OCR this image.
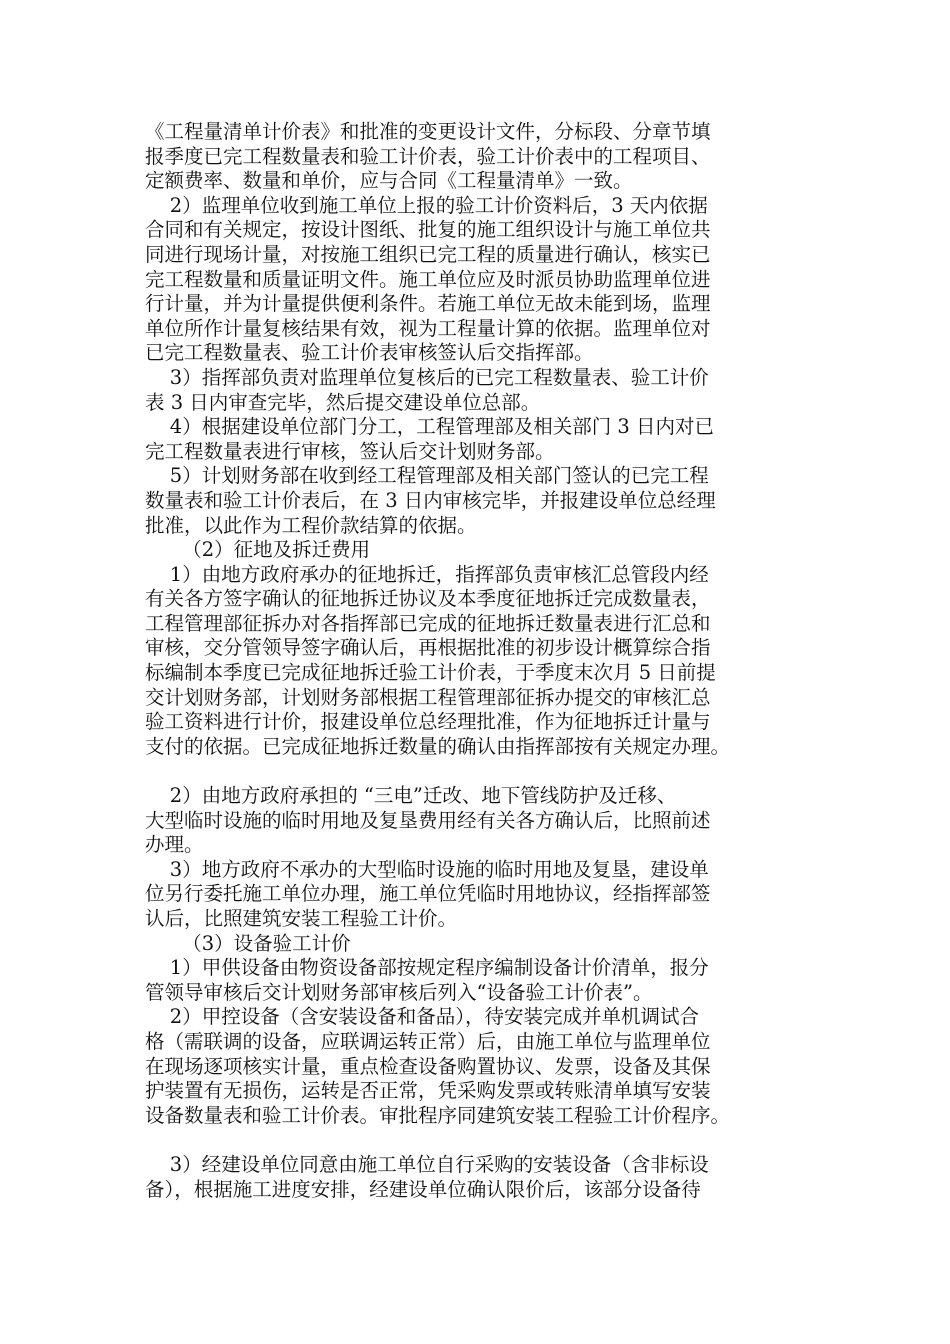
《工程量清单计价表》和批准的变更设计文件，分标段、分章节填
报季度已完工程数量表和验工计价表，验工计价表中的工程项目、
定额费率、数量和单价，应与合同《工程量清单》一致。
2）监理单位收到施工单位上报的验工计价资料后，3 天内依据
合同和有关规定，按设计图纸、批复的施工组织设计与施工单位共
同进行现场计量，对按施工组织已完工程的质量进行确认，核实已
完工程数量和质量证明文件。施工单位应及时派员协助监理单位进
行计量，并为计量提供便利条件。若施工单位无故未能到场，监理
单位所作计量复核结果有效，视为工程量计算的依据。监理单位对
已完工程数量表、验工计价表审核签认后交指挥部。
3）指挥部负责对监理单位复核后的已完工程数量表、验工计价
表 3 日内审查完毕，然后提交建设单位总部。
4）根据建设单位部门分工，工程管理部及相关部门 3 日内对已
完工程数量表进行审核，签认后交计划财务部。
5）计划财务部在收到经工程管理部及相关部门签认的已完工程
数量表和验工计价表后，在 3 日内审核完毕，并报建设单位总经理
批准，以此作为工程价款结算的依据。
（2）征地及拆迁费用
1）由地方政府承办的征地拆迁，指挥部负责审核汇总管段内经
有关各方签字确认的征地拆迁协议及本季度征地拆迁完成数量表，
工程管理部征拆办对各指挥部已完成的征地拆迁数量表进行汇总和
审核，交分管领导签字确认后，再根据批准的初步设计概算综合指
标编制本季度已完成征地拆迁验工计价表，于季度末次月 5 日前提
交计划财务部，计划财务部根据工程管理部征拆办提交的审核汇总
验工资料进行计价，报建设单位总经理批准，作为征地拆迁计量与
支付的依据。已完成征地拆迁数量的确认由指挥部按有关规定办理。
2）由地方政府承担的 “三电”迁改、地下管线防护及迁移、
大型临时设施的临时用地及复垦费用经有关各方确认后，比照前述
办理。
3）地方政府不承办的大型临时设施的临时用地及复垦，建设单
位另行委托施工单位办理，施工单位凭临时用地协议，经指挥部签
认后，比照建筑安装工程验工计价。
（3）设备验工计价
1）甲供设备由物资设备部按规定程序编制设备计价清单，报分
管领导审核后交计划财务部审核后列入“设备验工计价表”。
2）甲控设备（含安装设备和备品），待安装完成并单机调试合
格（需联调的设备，应联调运转正常）后，由施工单位与监理单位
在现场逐项核实计量，重点检查设备购置协议、发票，设备及其保
护装置有无损伤，运转是否正常，凭采购发票或转账清单填写安装
设备数量表和验工计价表。审批程序同建筑安装工程验工计价程序。
3）经建设单位同意由施工单位自行采购的安装设备（含非标设
备），根据施工进度安排，经建设单位确认限价后，该部分设备待
